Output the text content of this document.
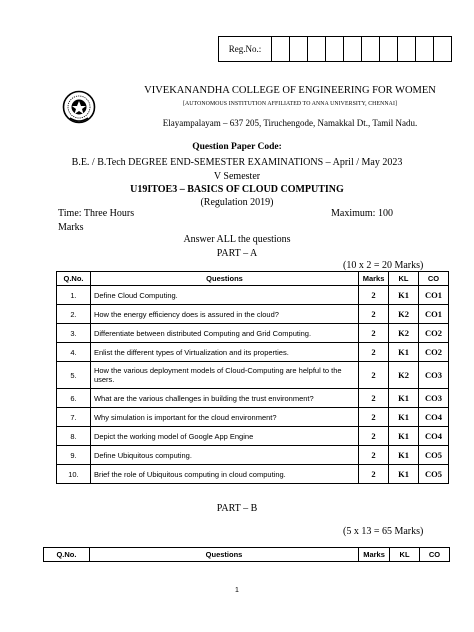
Reg.No.:
VIVEKANANDHA COLLEGE OF ENGINEERING FOR WOMEN
[AUTONOMOUS INSTITUTION AFFILIATED TO ANNA UNIVERSITY, CHENNAI]
Elayampalayam – 637 205, Tiruchengode, Namakkal Dt., Tamil Nadu.
Question Paper Code:
B.E. / B.Tech DEGREE END-SEMESTER EXAMINATIONS – April / May 2023
V Semester
U19ITOE3 – BASICS OF CLOUD COMPUTING
(Regulation 2019)
Time: Three Hours	Maximum: 100
Marks
Answer ALL the questions
PART – A
(10 x 2 = 20 Marks)
Q.No.	Questions	Marks	KL	CO
1.	Define Cloud Computing.	2	K1	CO1
2.	How the energy efficiency does is assured in the cloud?	2	K2	CO1
3.	Differentiate between distributed Computing and Grid Computing.	2	K2	CO2
4.	Enlist the different types of Virtualization and its properties.	2	K1	CO2
5.	How the various deployment models of Cloud-Computing are helpful to the users.	2	K2	CO3
6.	What are the various challenges in building the trust environment?	2	K1	CO3
7.	Why simulation is important for the cloud environment?	2	K1	CO4
8.	Depict the working model of Google App Engine	2	K1	CO4
9.	Define Ubiquitous computing.	2	K1	CO5
10.	Brief the role of Ubiquitous computing in cloud computing.	2	K1	CO5
PART – B
(5 x 13 = 65 Marks)
Q.No.	Questions	Marks	KL	CO
1
